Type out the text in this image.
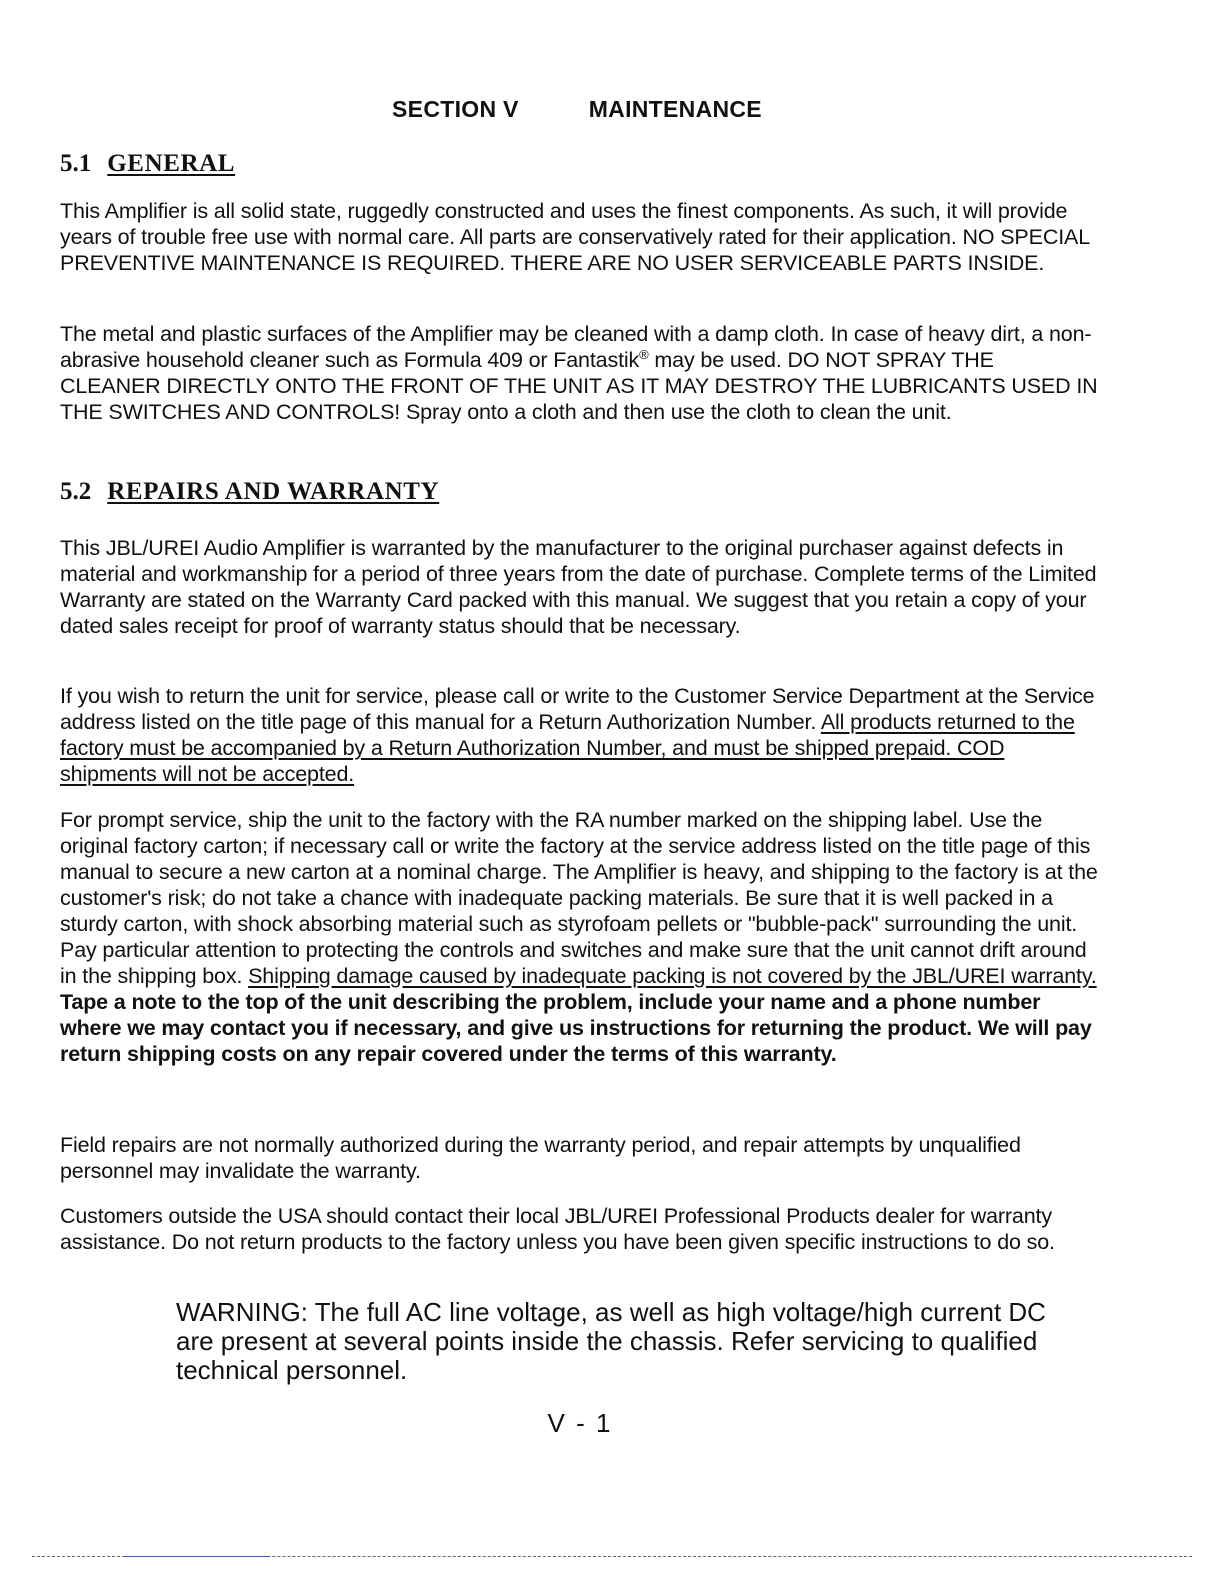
SECTION V	MAINTENANCE
5.1 GENERAL

This Amplifier is all solid state, ruggedly constructed and uses the finest components. As such, it will provide years of trouble free use with normal care. All parts are conservatively rated for their application. NO SPECIAL PREVENTIVE MAINTENANCE IS REQUIRED. THERE ARE NO USER SERVICEABLE PARTS INSIDE.

The metal and plastic surfaces of the Amplifier may be cleaned with a damp cloth. In case of heavy dirt, a non-abrasive household cleaner such as Formula 409 or Fantastik® may be used. DO NOT SPRAY THE CLEANER DIRECTLY ONTO THE FRONT OF THE UNIT AS IT MAY DESTROY THE LUBRICANTS USED IN THE SWITCHES AND CONTROLS! Spray onto a cloth and then use the cloth to clean the unit.

5.2 REPAIRS AND WARRANTY

This JBL/UREI Audio Amplifier is warranted by the manufacturer to the original purchaser against defects in material and workmanship for a period of three years from the date of purchase. Complete terms of the Limited Warranty are stated on the Warranty Card packed with this manual. We suggest that you retain a copy of your dated sales receipt for proof of warranty status should that be necessary.

If you wish to return the unit for service, please call or write to the Customer Service Department at the Service address listed on the title page of this manual for a Return Authorization Number. All products returned to the factory must be accompanied by a Return Authorization Number, and must be shipped prepaid. COD shipments will not be accepted.

For prompt service, ship the unit to the factory with the RA number marked on the shipping label. Use the original factory carton; if necessary call or write the factory at the service address listed on the title page of this manual to secure a new carton at a nominal charge. The Amplifier is heavy, and shipping to the factory is at the customer's risk; do not take a chance with inadequate packing materials. Be sure that it is well packed in a sturdy carton, with shock absorbing material such as styrofoam pellets or "bubble-pack" surrounding the unit. Pay particular attention to protecting the controls and switches and make sure that the unit cannot drift around in the shipping box. Shipping damage caused by inadequate packing is not covered by the JBL/UREI warranty. Tape a note to the top of the unit describing the problem, include your name and a phone number where we may contact you if necessary, and give us instructions for returning the product. We will pay return shipping costs on any repair covered under the terms of this warranty.

Field repairs are not normally authorized during the warranty period, and repair attempts by unqualified personnel may invalidate the warranty.

Customers outside the USA should contact their local JBL/UREI Professional Products dealer for warranty assistance. Do not return products to the factory unless you have been given specific instructions to do so.

WARNING: The full AC line voltage, as well as high voltage/high current DC are present at several points inside the chassis. Refer servicing to qualified technical personnel.
V - 1
